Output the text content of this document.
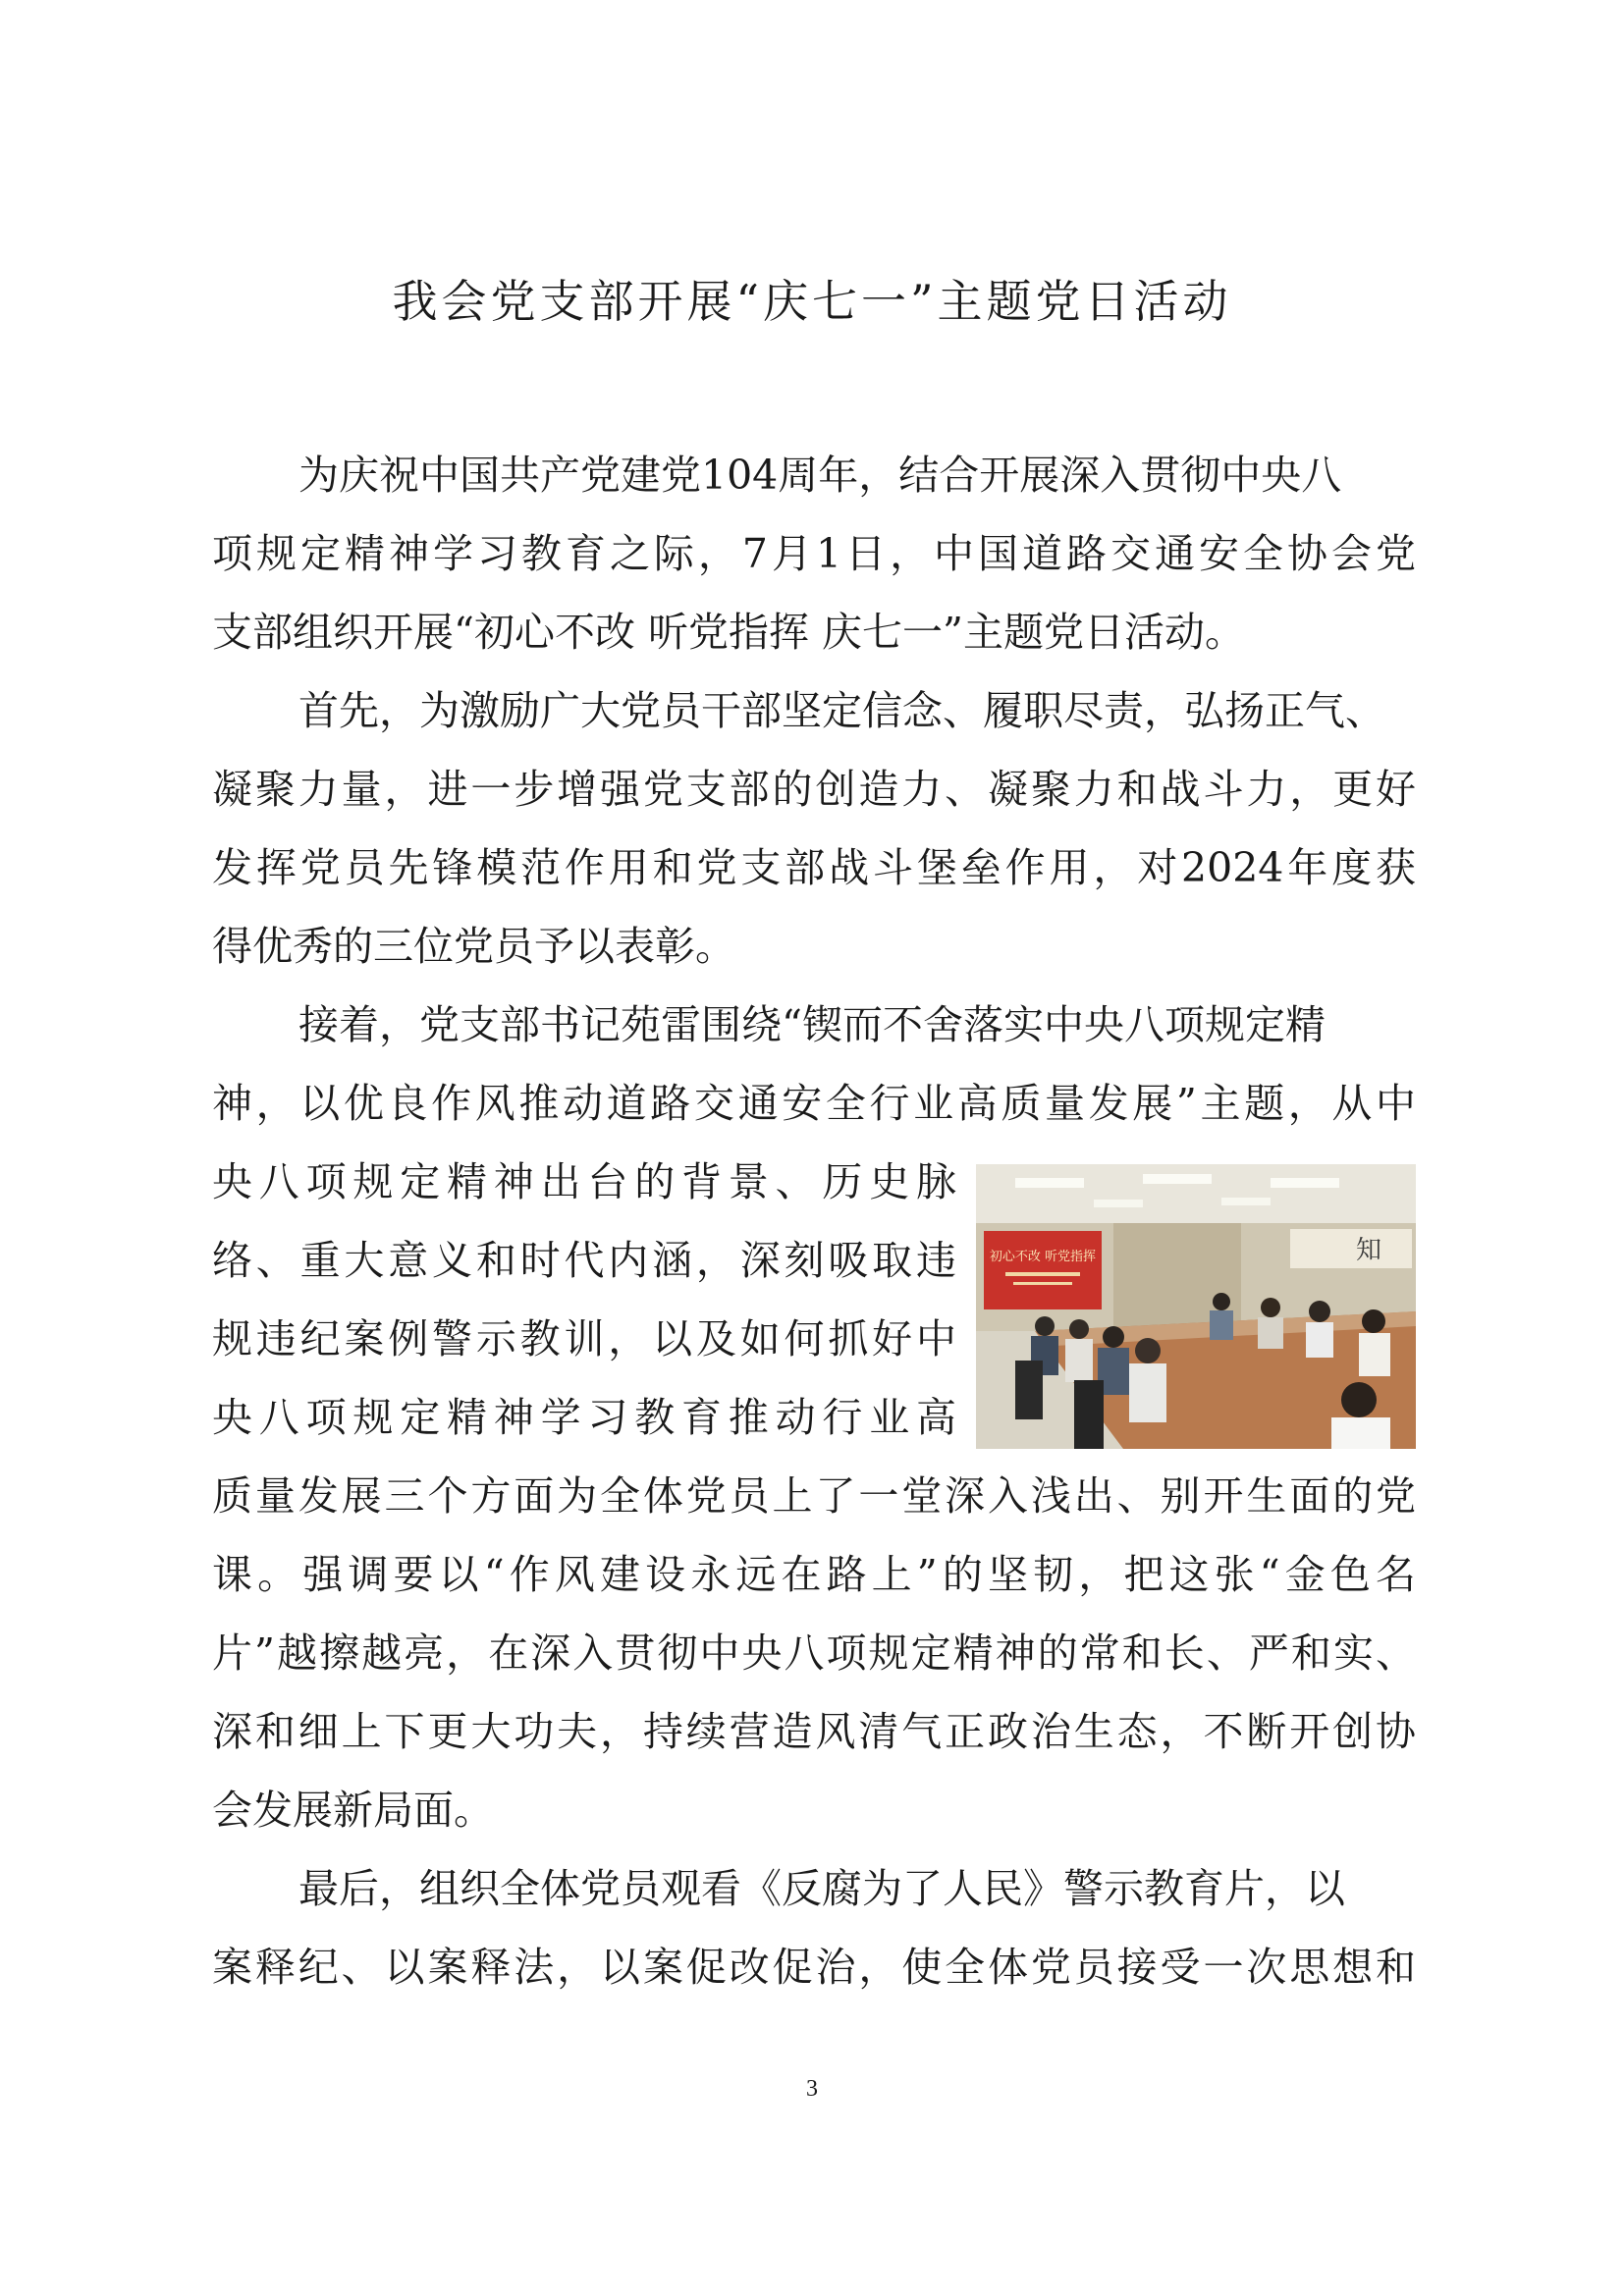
我会党支部开展“庆七一”主题党日活动
为庆祝中国共产党建党104周年，结合开展深入贯彻中央八
项规定精神学习教育之际，7月1日，中国道路交通安全协会党
支部组织开展“初心不改 听党指挥 庆七一”主题党日活动。
首先，为激励广大党员干部坚定信念、履职尽责，弘扬正气、
凝聚力量，进一步增强党支部的创造力、凝聚力和战斗力，更好
发挥党员先锋模范作用和党支部战斗堡垒作用，对2024年度获
得优秀的三位党员予以表彰。
接着，党支部书记苑雷围绕“锲而不舍落实中央八项规定精
神，以优良作风推动道路交通安全行业高质量发展”主题，从中
央八项规定精神出台的背景、历史脉
络、重大意义和时代内涵，深刻吸取违
规违纪案例警示教训，以及如何抓好中
央八项规定精神学习教育推动行业高
质量发展三个方面为全体党员上了一堂深入浅出、别开生面的党
课。强调要以“作风建设永远在路上”的坚韧，把这张“金色名
片”越擦越亮，在深入贯彻中央八项规定精神的常和长、严和实、
深和细上下更大功夫，持续营造风清气正政治生态，不断开创协
会发展新局面。
最后，组织全体党员观看《反腐为了人民》警示教育片，以
案释纪、以案释法，以案促改促治，使全体党员接受一次思想和
初心不改 听党指挥	知
3
